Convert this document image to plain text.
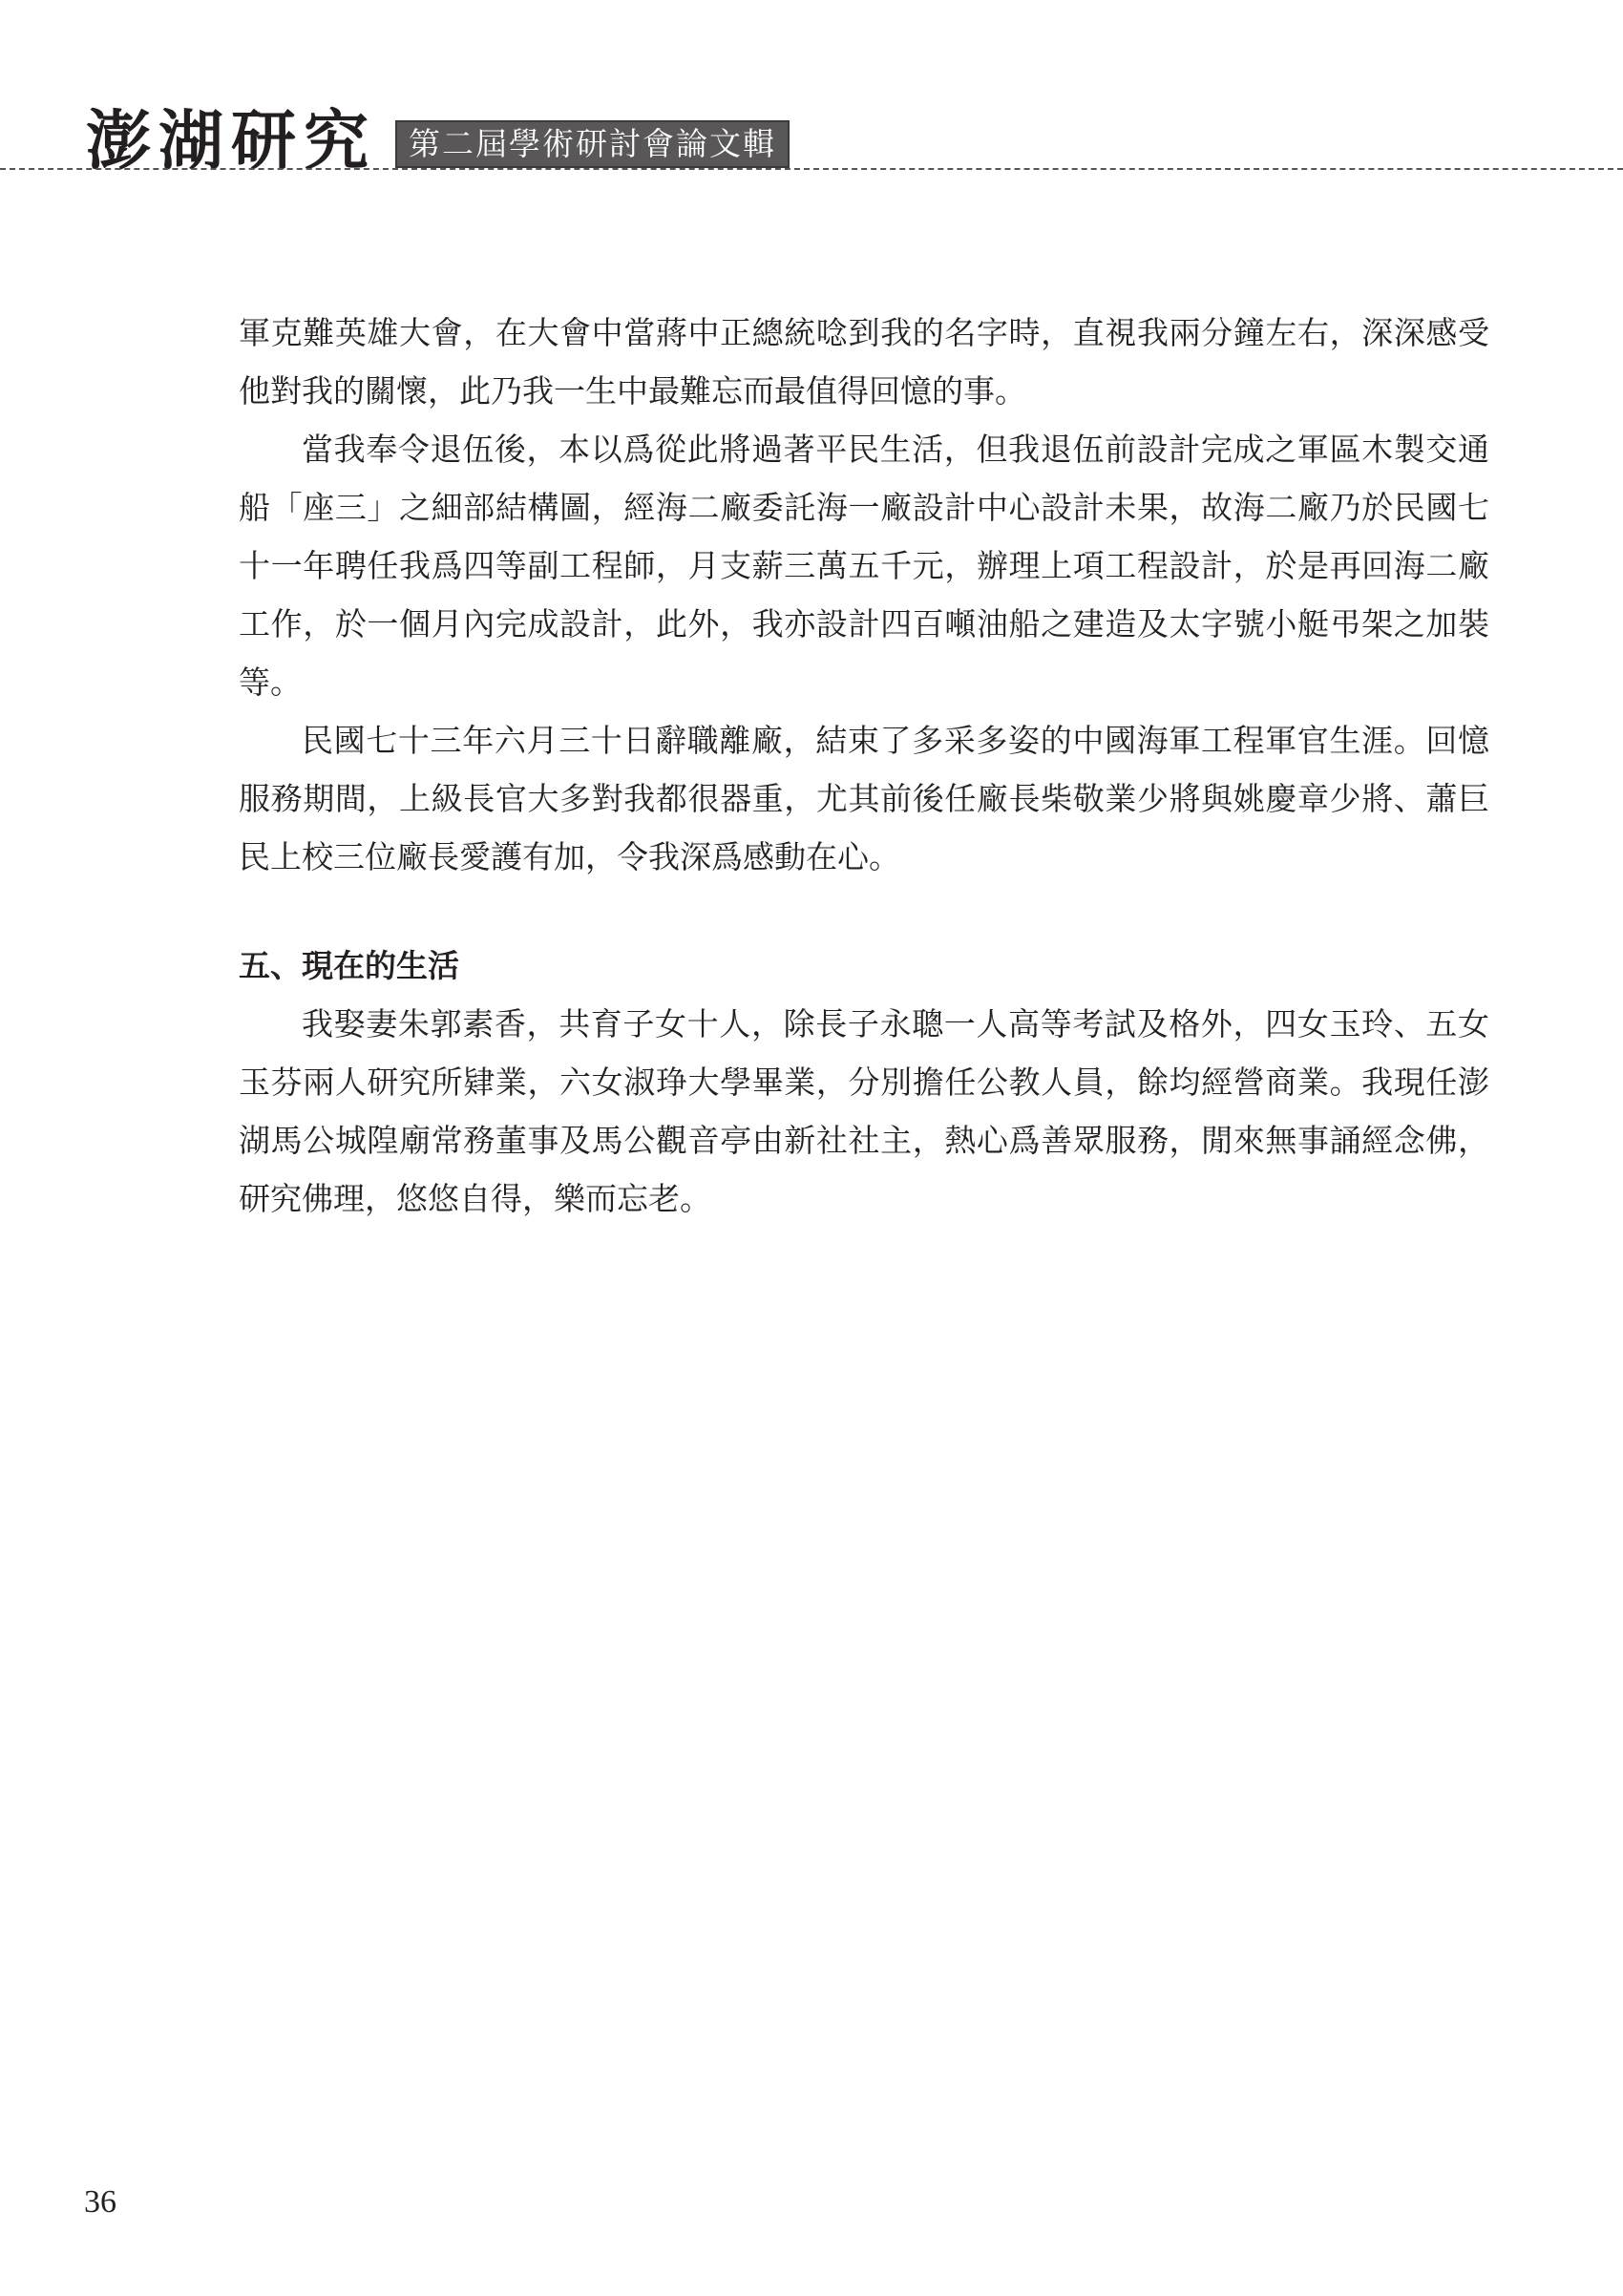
澎湖研究	第二屆學術研討會論文輯

軍克難英雄大會，在大會中當蔣中正總統唸到我的名字時，直視我兩分鐘左右，深深感受他對我的關懷，此乃我一生中最難忘而最值得回憶的事。

當我奉令退伍後，本以爲從此將過著平民生活，但我退伍前設計完成之軍區木製交通船「座三」之細部結構圖，經海二廠委託海一廠設計中心設計未果，故海二廠乃於民國七十一年聘任我爲四等副工程師，月支薪三萬五千元，辦理上項工程設計，於是再回海二廠工作，於一個月內完成設計，此外，我亦設計四百噸油船之建造及太字號小艇弔架之加裝等。

民國七十三年六月三十日辭職離廠，結束了多采多姿的中國海軍工程軍官生涯。回憶服務期間，上級長官大多對我都很器重，尤其前後任廠長柴敬業少將與姚慶章少將、蕭巨民上校三位廠長愛護有加，令我深爲感動在心。

五、現在的生活

我娶妻朱郭素香，共育子女十人，除長子永聰一人高等考試及格外，四女玉玲、五女玉芬兩人研究所肄業，六女淑琤大學畢業，分別擔任公教人員，餘均經營商業。我現任澎湖馬公城隍廟常務董事及馬公觀音亭由新社社主，熱心爲善眾服務，閒來無事誦經念佛，研究佛理，悠悠自得，樂而忘老。

36
